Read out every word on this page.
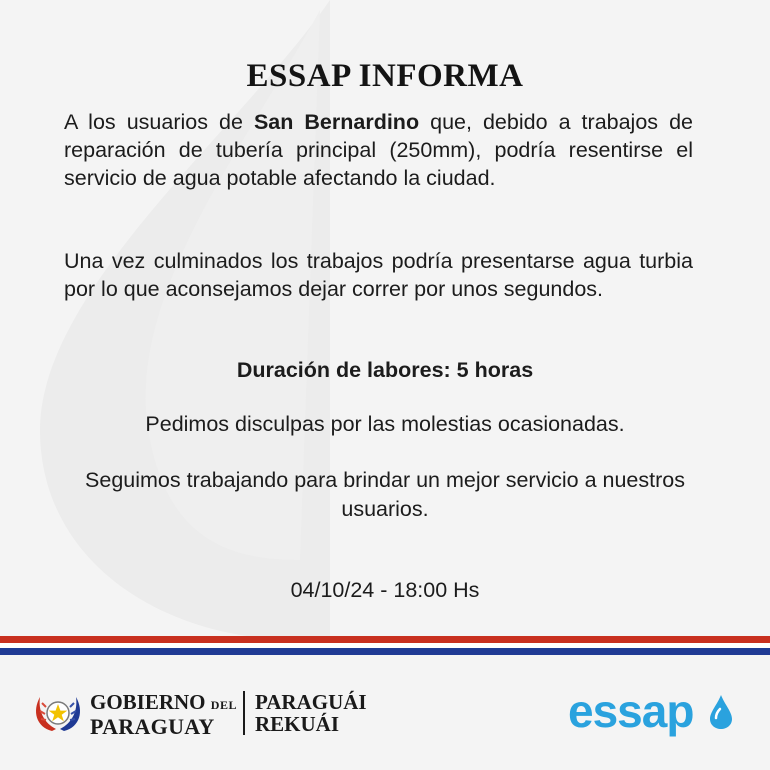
ESSAP INFORMA

A los usuarios de San Bernardino que, debido a trabajos de reparación de tubería principal (250mm), podría resentirse el servicio de agua potable afectando la ciudad.

Una vez culminados los trabajos podría presentarse agua turbia por lo que aconsejamos dejar correr por unos segundos.

Duración de labores: 5 horas

Pedimos disculpas por las molestias ocasionadas.

Seguimos trabajando para brindar un mejor servicio a nuestros usuarios.

04/10/24 - 18:00 Hs

GOBIERNO DEL
PARAGUAY
PARAGUÁI
REKUÁI	essap
